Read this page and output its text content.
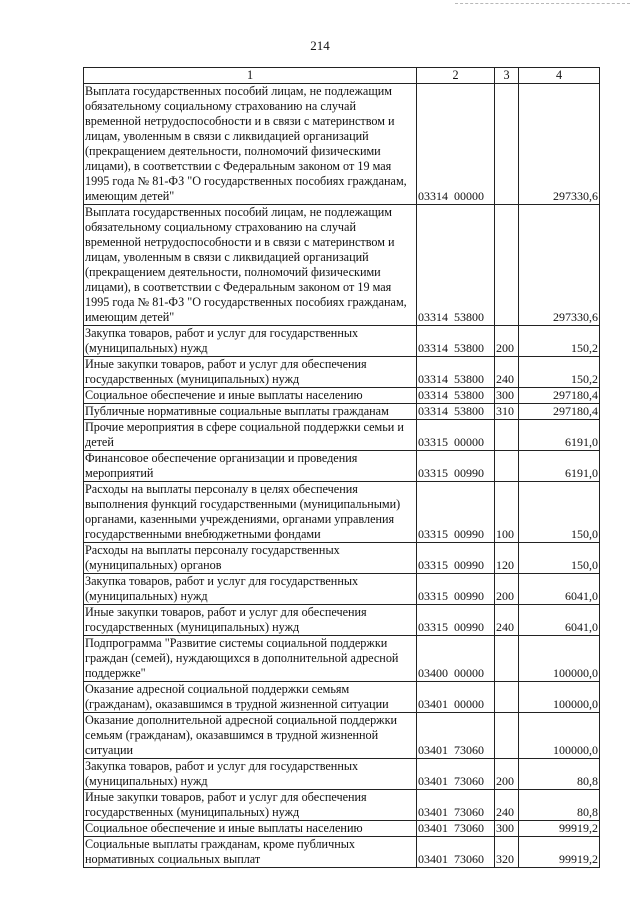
214
1	2	3	4
Выплата государственных пособий лицам, не подлежащим обязательному социальному страхованию на случай временной нетрудоспособности и в связи с материнством и лицам, уволенным в связи с ликвидацией организаций (прекращением деятельности, полномочий физическими лицами), в соответствии с Федеральным законом от 19 мая 1995 года № 81-ФЗ "О государственных пособиях гражданам, имеющим детей"	03314  00000		297330,6
Выплата государственных пособий лицам, не подлежащим обязательному социальному страхованию на случай временной нетрудоспособности и в связи с материнством и лицам, уволенным в связи с ликвидацией организаций (прекращением деятельности, полномочий физическими лицами), в соответствии с Федеральным законом от 19 мая 1995 года № 81-ФЗ "О государственных пособиях гражданам, имеющим детей"	03314  53800		297330,6
Закупка товаров, работ и услуг для государственных (муниципальных) нужд	03314  53800	200	150,2
Иные закупки товаров, работ и услуг для обеспечения государственных (муниципальных) нужд	03314  53800	240	150,2
Социальное обеспечение и иные выплаты населению	03314  53800	300	297180,4
Публичные нормативные социальные выплаты гражданам	03314  53800	310	297180,4
Прочие мероприятия в сфере социальной поддержки семьи и детей	03315  00000		6191,0
Финансовое обеспечение организации и проведения мероприятий	03315  00990		6191,0
Расходы на выплаты персоналу в целях обеспечения выполнения функций государственными (муниципальными) органами, казенными учреждениями, органами управления государственными внебюджетными фондами	03315  00990	100	150,0
Расходы на выплаты персоналу государственных (муниципальных) органов	03315  00990	120	150,0
Закупка товаров, работ и услуг для государственных (муниципальных) нужд	03315  00990	200	6041,0
Иные закупки товаров, работ и услуг для обеспечения государственных (муниципальных) нужд	03315  00990	240	6041,0
Подпрограмма "Развитие системы социальной поддержки граждан (семей), нуждающихся в дополнительной адресной поддержке"	03400  00000		100000,0
Оказание адресной социальной поддержки семьям (гражданам), оказавшимся в трудной жизненной ситуации	03401  00000		100000,0
Оказание дополнительной адресной социальной поддержки семьям (гражданам), оказавшимся в трудной жизненной ситуации	03401  73060		100000,0
Закупка товаров, работ и услуг для государственных (муниципальных) нужд	03401  73060	200	80,8
Иные закупки товаров, работ и услуг для обеспечения государственных (муниципальных) нужд	03401  73060	240	80,8
Социальное обеспечение и иные выплаты населению	03401  73060	300	99919,2
Социальные выплаты гражданам, кроме публичных нормативных социальных выплат	03401  73060	320	99919,2
